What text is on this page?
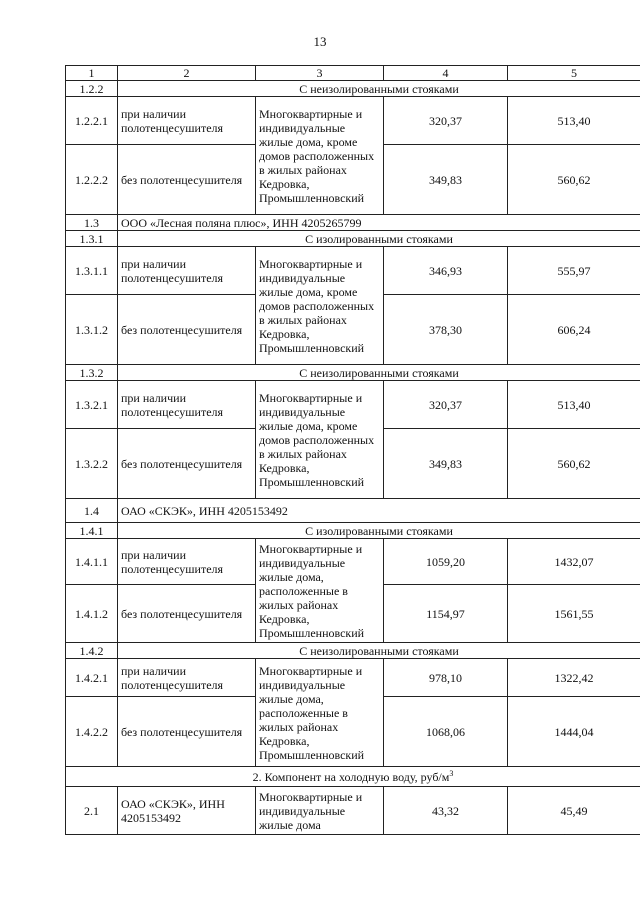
13
1	2	3	4	5
1.2.2	С неизолированными стояками			
1.2.2.1	при наличии полотенцесушителя	Многоквартирные и индивидуальные жилые дома, кроме домов расположенных в жилых районах Кедровка, Промышленновский	320,37	513,40
1.2.2.2	без полотенцесушителя		349,83	560,62
1.3	ООО «Лесная поляна плюс», ИНН 4205265799			
1.3.1	С изолированными стояками			
1.3.1.1	при наличии полотенцесушителя	Многоквартирные и индивидуальные жилые дома, кроме домов расположенных в жилых районах Кедровка, Промышленновский	346,93	555,97
1.3.1.2	без полотенцесушителя		378,30	606,24
1.3.2	С неизолированными стояками			
1.3.2.1	при наличии полотенцесушителя	Многоквартирные и индивидуальные жилые дома, кроме домов расположенных в жилых районах Кедровка, Промышленновский	320,37	513,40
1.3.2.2	без полотенцесушителя		349,83	560,62
1.4	ОАО «СКЭК», ИНН 4205153492			
1.4.1	С изолированными стояками			
1.4.1.1	при наличии полотенцесушителя	Многоквартирные и индивидуальные жилые дома, расположенные в жилых районах Кедровка, Промышленновский	1059,20	1432,07
1.4.1.2	без полотенцесушителя		1154,97	1561,55
1.4.2	С неизолированными стояками			
1.4.2.1	при наличии полотенцесушителя	Многоквартирные и индивидуальные жилые дома, расположенные в жилых районах Кедровка, Промышленновский	978,10	1322,42
1.4.2.2	без полотенцесушителя		1068,06	1444,04
2. Компонент на холодную воду, руб/$м^3$
2.1	ОАО «СКЭК», ИНН 4205153492	Многоквартирные и индивидуальные жилые дома	43,32	45,49
